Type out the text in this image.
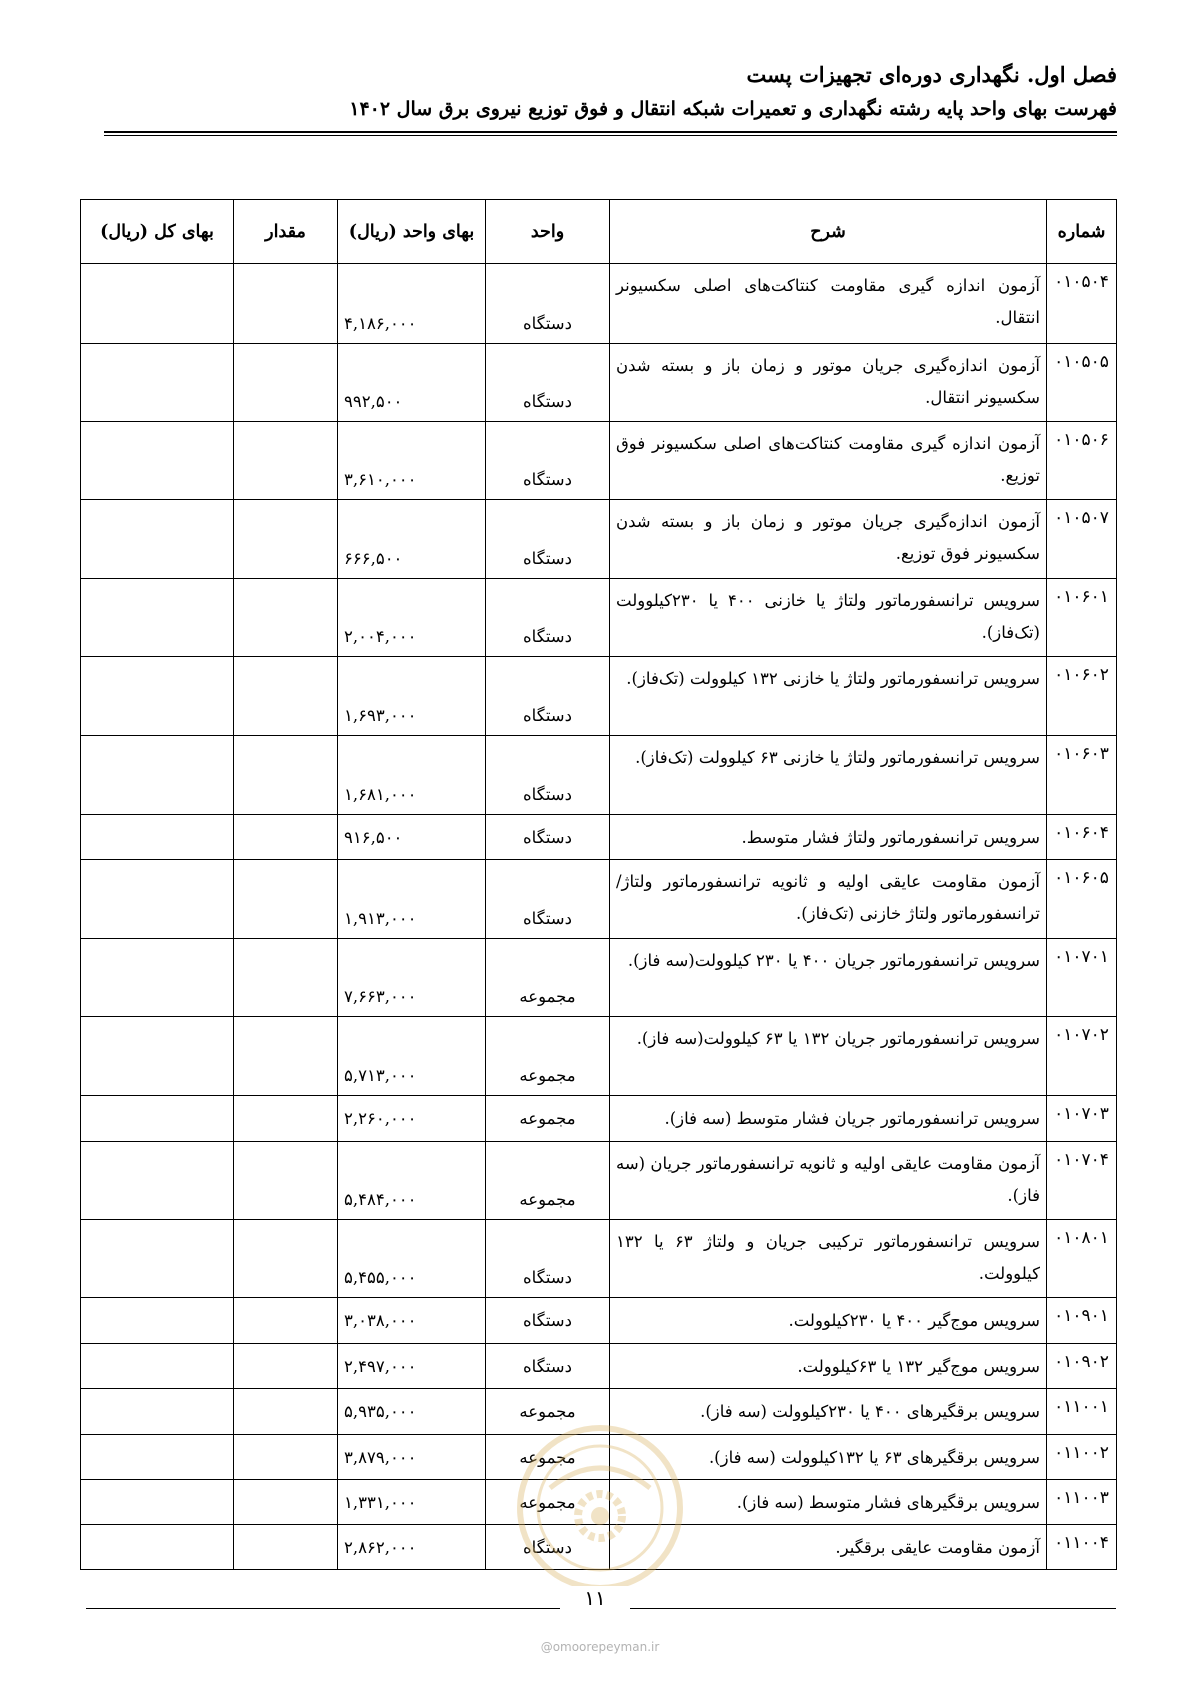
فصل اول. نگهداری دوره‌ای تجهیزات پست
فهرست بهای واحد پایه رشته نگهداری و تعمیرات شبکه انتقال و فوق توزیع نیروی برق سال ۱۴۰۲
شماره	شرح	واحد	بهای واحد (ریال)	مقدار	بهای کل (ریال)
۰۱۰۵۰۴	آزمون اندازه گیری مقاومت کنتاکت‌های اصلی سکسیونر انتقال.	دستگاه	۴,۱۸۶,۰۰۰		
۰۱۰۵۰۵	آزمون اندازه‌گیری جریان موتور و زمان باز و بسته شدن سکسیونر انتقال.	دستگاه	۹۹۲,۵۰۰		
۰۱۰۵۰۶	آزمون اندازه گیری مقاومت کنتاکت‌های اصلی سکسیونر فوق توزیع.	دستگاه	۳,۶۱۰,۰۰۰		
۰۱۰۵۰۷	آزمون اندازه‌گیری جریان موتور و زمان باز و بسته شدن سکسیونر فوق توزیع.	دستگاه	۶۶۶,۵۰۰		
۰۱۰۶۰۱	سرویس ترانسفورماتور ولتاژ یا خازنی ۴۰۰ یا ۲۳۰کیلوولت (تک‌فاز).	دستگاه	۲,۰۰۴,۰۰۰		
۰۱۰۶۰۲	سرویس ترانسفورماتور ولتاژ یا خازنی ۱۳۲ کیلوولت (تک‌فاز).	دستگاه	۱,۶۹۳,۰۰۰		
۰۱۰۶۰۳	سرویس ترانسفورماتور ولتاژ یا خازنی ۶۳ کیلوولت (تک‌فاز).	دستگاه	۱,۶۸۱,۰۰۰		
۰۱۰۶۰۴	سرویس ترانسفورماتور ولتاژ فشار متوسط.	دستگاه	۹۱۶,۵۰۰		
۰۱۰۶۰۵	آزمون مقاومت عایقی اولیه و ثانویه ترانسفورماتور ولتاژ/ترانسفورماتور ولتاژ خازنی (تک‌فاز).	دستگاه	۱,۹۱۳,۰۰۰		
۰۱۰۷۰۱	سرویس ترانسفورماتور جریان ۴۰۰ یا ۲۳۰ کیلوولت(سه فاز).	مجموعه	۷,۶۶۳,۰۰۰		
۰۱۰۷۰۲	سرویس ترانسفورماتور جریان ۱۳۲ یا ۶۳ کیلوولت(سه فاز).	مجموعه	۵,۷۱۳,۰۰۰		
۰۱۰۷۰۳	سرویس ترانسفورماتور جریان فشار متوسط (سه فاز).	مجموعه	۲,۲۶۰,۰۰۰		
۰۱۰۷۰۴	آزمون مقاومت عایقی اولیه و ثانویه ترانسفورماتور جریان (سه فاز).	مجموعه	۵,۴۸۴,۰۰۰		
۰۱۰۸۰۱	سرویس ترانسفورماتور ترکیبی جریان و ولتاژ ۶۳ یا ۱۳۲ کیلوولت.	دستگاه	۵,۴۵۵,۰۰۰		
۰۱۰۹۰۱	سرویس موج‌گیر ۴۰۰ یا ۲۳۰کیلوولت.	دستگاه	۳,۰۳۸,۰۰۰		
۰۱۰۹۰۲	سرویس موج‌گیر ۱۳۲ یا ۶۳کیلوولت.	دستگاه	۲,۴۹۷,۰۰۰		
۰۱۱۰۰۱	سرویس برقگیرهای ۴۰۰ یا ۲۳۰کیلوولت (سه فاز).	مجموعه	۵,۹۳۵,۰۰۰		
۰۱۱۰۰۲	سرویس برقگیرهای ۶۳ یا ۱۳۲کیلوولت (سه فاز).	مجموعه	۳,۸۷۹,۰۰۰		
۰۱۱۰۰۳	سرویس برقگیرهای فشار متوسط (سه فاز).	مجموعه	۱,۳۳۱,۰۰۰		
۰۱۱۰۰۴	آزمون مقاومت عایقی برقگیر.	دستگاه	۲,۸۶۲,۰۰۰		
۱۱
@omoorepeyman.ir
